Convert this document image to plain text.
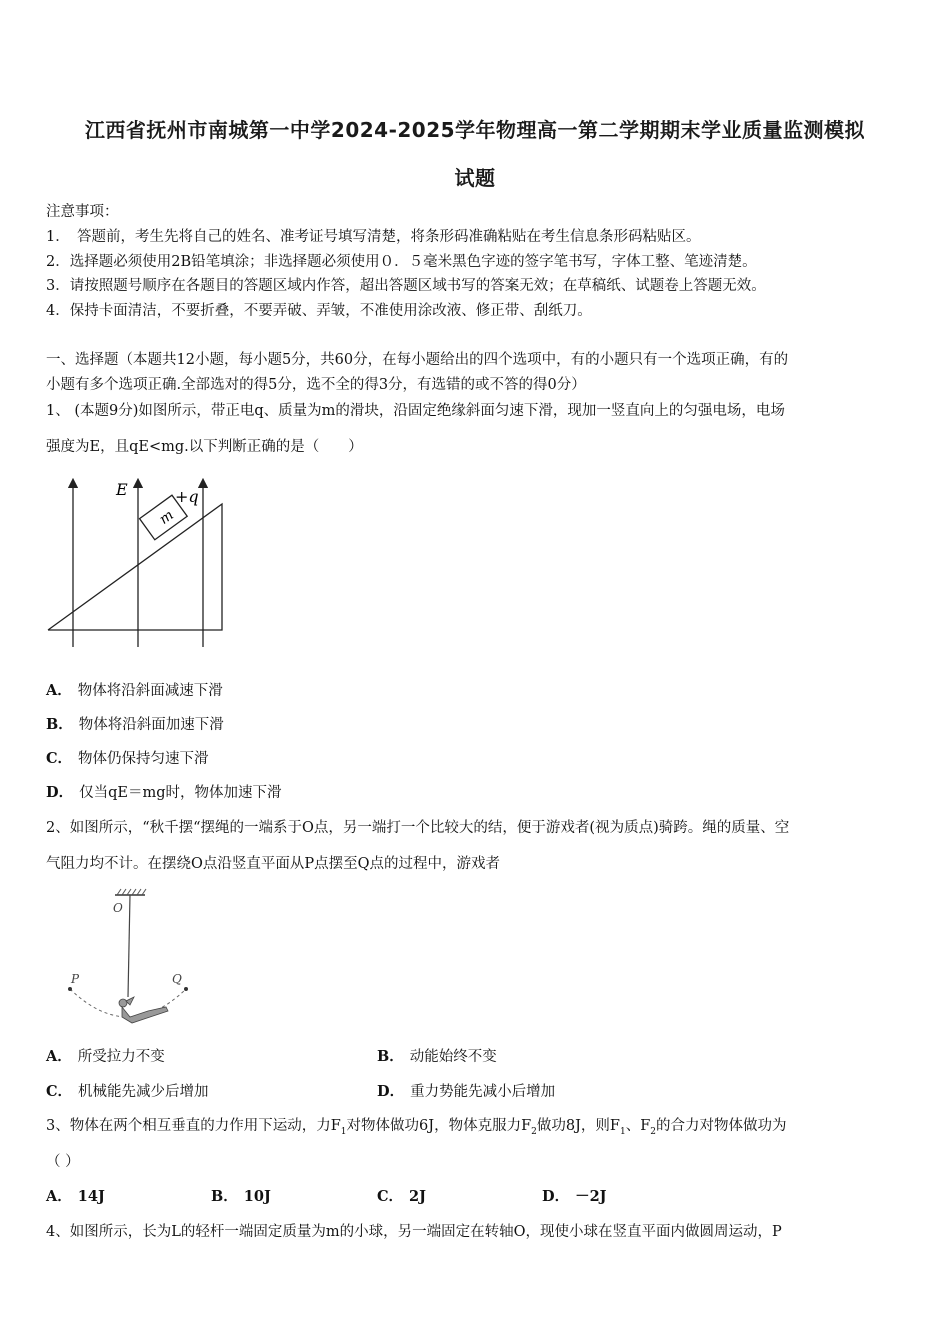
江西省抚州市南城第一中学2024-2025学年物理高一第二学期期末学业质量监测模拟
试题
注意事项：
1．　答题前，考生先将自己的姓名、准考证号填写清楚，将条形码准确粘贴在考生信息条形码粘贴区。
2．选择题必须使用2B铅笔填涂；非选择题必须使用０．５毫米黑色字迹的签字笔书写，字体工整、笔迹清楚。
3．请按照题号顺序在各题目的答题区域内作答，超出答题区域书写的答案无效；在草稿纸、试题卷上答题无效。
4．保持卡面清洁，不要折叠，不要弄破、弄皱，不准使用涂改液、修正带、刮纸刀。
一、选择题（本题共12小题，每小题5分，共60分，在每小题给出的四个选项中，有的小题只有一个选项正确，有的
小题有多个选项正确.全部选对的得5分，选不全的得3分，有选错的或不答的得0分）
1、 (本题9分)如图所示，带正电q、质量为m的滑块，沿固定绝缘斜面匀速下滑，现加一竖直向上的匀强电场，电场
强度为E，且qE<mg.以下判断正确的是（　　）
m
E	+q
A． 物体将沿斜面减速下滑
B． 物体将沿斜面加速下滑
C． 物体仍保持匀速下滑
D． 仅当qE＝mg时，物体加速下滑
2、如图所示，“秋千摆“摆绳的一端系于O点，另一端打一个比较大的结，便于游戏者(视为质点)骑跨。绳的质量、空
气阻力均不计。在摆绕O点沿竖直平面从P点摆至Q点的过程中，游戏者
O
P	Q
A． 所受拉力不变	B． 动能始终不变
C． 机械能先减少后增加	D． 重力势能先减小后增加
3、物体在两个相互垂直的力作用下运动，力$F_1$对物体做功6J，物体克服力$F_2$做功8J，则$F_1$、$F_2$的合力对物体做功为
（ ）
A． 14J	B． 10J	C． 2J	D． －2J
4、如图所示，长为L的轻杆一端固定质量为m的小球，另一端固定在转轴O，现使小球在竖直平面内做圆周运动，P
